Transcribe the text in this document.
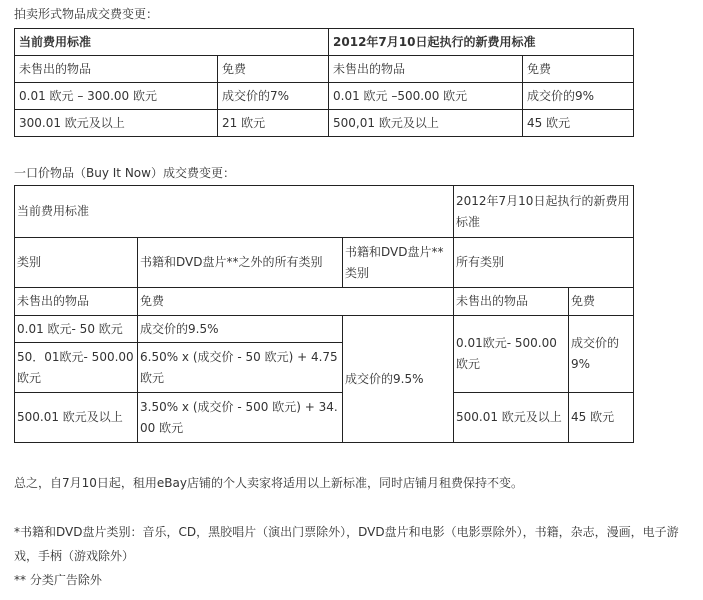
拍卖形式物品成交费变更：
当前费用标准		2012年7月10日起执行的新费用标准	
未售出的物品	免费	未售出的物品	免费
0.01 欧元 – 300.00 欧元	成交价的7%	0.01 欧元 –500.00 欧元	成交价的9%
300.01 欧元及以上	21 欧元	500,01 欧元及以上	45 欧元
一口价物品（Buy It Now）成交费变更：
当前费用标准			2012年7月10日起执行的新费用标准	
类别	书籍和DVD盘片**之外的所有类别	书籍和DVD盘片**类别	所有类别	
未售出的物品	免费		未售出的物品	免费
0.01 欧元- 50 欧元	成交价的9.5%	成交价的9.5%	0.01欧元- 500.00 欧元	成交价的9%
50．01欧元- 500.00欧元	6.50% x (成交价 - 50 欧元) + 4.75 欧元			
500.01 欧元及以上	3.50% x (成交价 - 500 欧元) + 34.00 欧元		500.01 欧元及以上	45 欧元
总之，自7月10日起，租用eBay店铺的个人卖家将适用以上新标准，同时店铺月租费保持不变。
*书籍和DVD盘片类别：音乐，CD，黑胶唱片（演出门票除外），DVD盘片和电影（电影票除外），书籍，杂志，漫画，电子游戏，手柄（游戏除外）
** 分类广告除外
